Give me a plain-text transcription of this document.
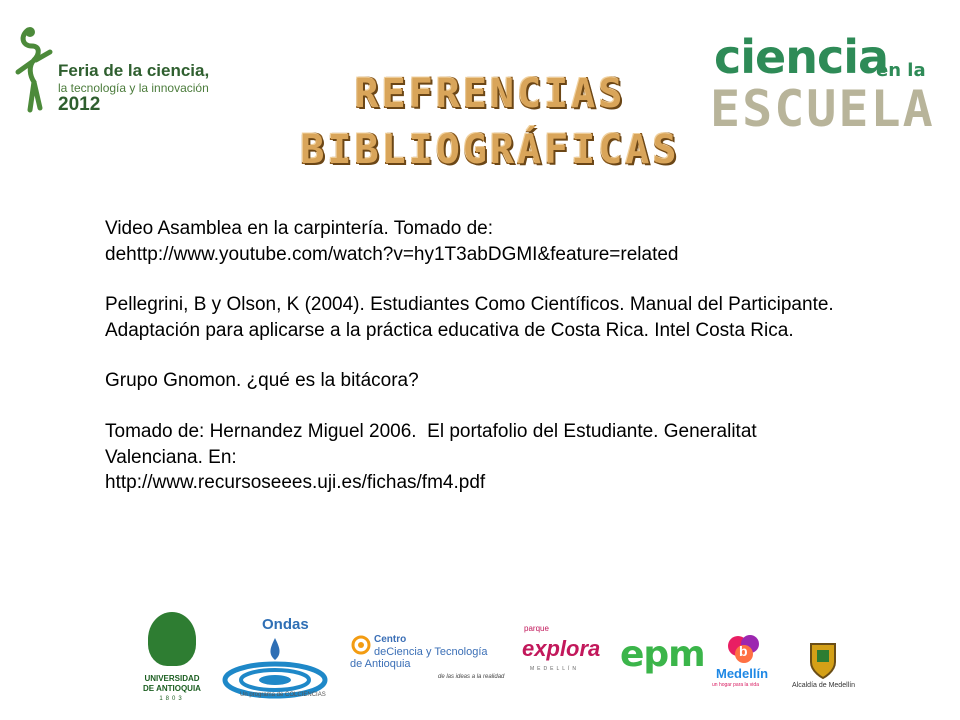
Feria de la ciencia,
la tecnología y la innovación
2012	REFRENCIAS
BIBLIOGRÁFICAS
ciencia
en la
ESCUELA

Video Asamblea en la carpintería. Tomado de:
dehttp://www.youtube.com/watch?v=hy1T3abDGMI&feature=related

Pellegrini, B y Olson, K (2004). Estudiantes Como Científicos. Manual del Participante. Adaptación para aplicarse a la práctica educativa de Costa Rica. Intel Costa Rica.

Grupo Gnomon. ¿qué es la bitácora?

Tomado de: Hernandez Miguel 2006.  El portafolio del Estudiante. Generalitat Valenciana. En:
http://www.recursoseees.uji.es/fichas/fm4.pdf

UNIVERSIDAD
DE ANTIOQUIA
1803
Ondas
Un programa de COLCIENCIAS
Centro
deCiencia y Tecnología
de Antioquia
de las ideas a la realidad
parque
explora
MEDELLÍN epm b
Medellín
un hogar para la vida	Alcaldía de Medellín
